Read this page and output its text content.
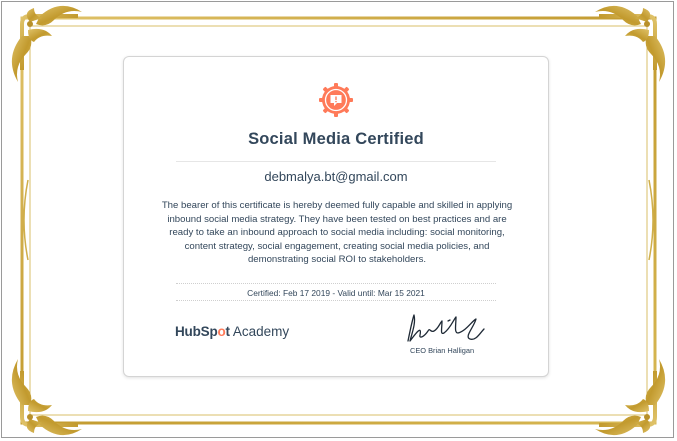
Social Media Certified
debmalya.bt@gmail.com
The bearer of this certificate is hereby deemed fully capable and skilled in applying inbound social media strategy. They have been tested on best practices and are ready to take an inbound approach to social media including: social monitoring, content strategy, social engagement, creating social media policies, and demonstrating social ROI to stakeholders.
Certified: Feb 17 2019 - Valid until: Mar 15 2021
HubSpot Academy
CEO Brian Halligan
